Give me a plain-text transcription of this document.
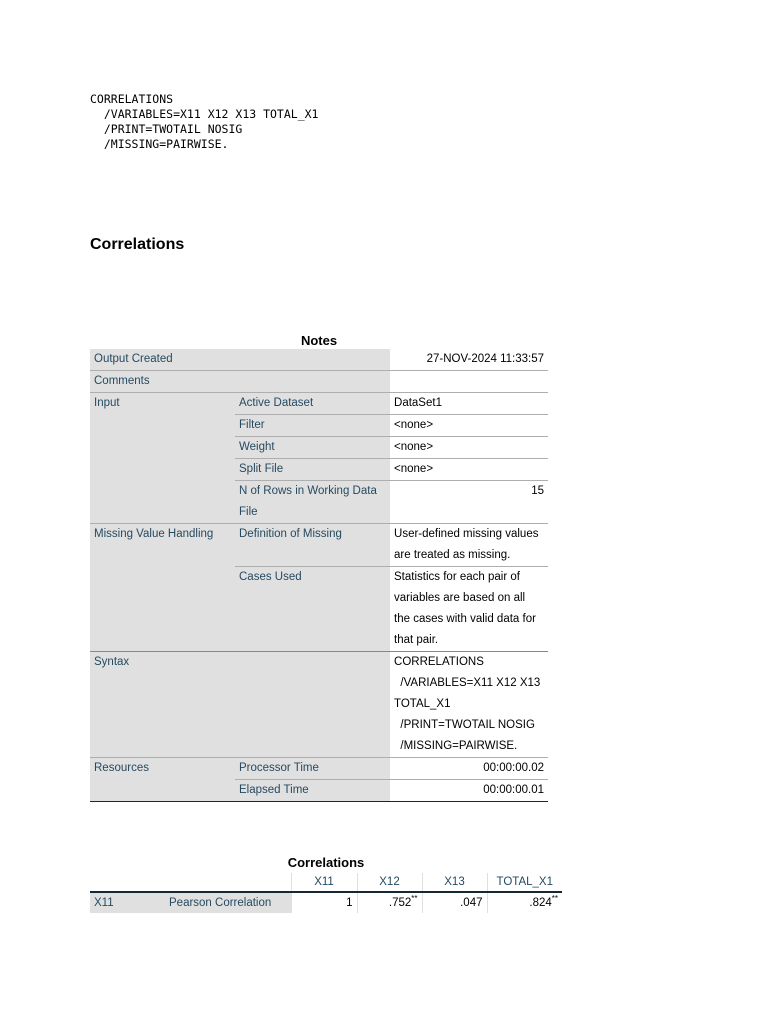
CORRELATIONS
/VARIABLES=X11 X12 X13 TOTAL_X1
/PRINT=TWOTAIL NOSIG
/MISSING=PAIRWISE.
Correlations
Notes
Output Created		27-NOV-2024 11:33:57
Comments		
Input	Active Dataset	DataSet1
	Filter	<none>
	Weight	<none>
	Split File	<none>
	N of Rows in Working Data File	15
Missing Value Handling	Definition of Missing	User-defined missing values are treated as missing.
	Cases Used	Statistics for each pair of variables are based on all the cases with valid data for that pair.
Syntax		CORRELATIONS
/VARIABLES=X11 X12 X13
TOTAL_X1
/PRINT=TWOTAIL NOSIG
/MISSING=PAIRWISE.

Resources	Processor Time	00:00:00.02
	Elapsed Time	00:00:00.01
Correlations
		X11	X12	X13	TOTAL_X1
X11	Pearson Correlation	1	.752**	.047	.824**
